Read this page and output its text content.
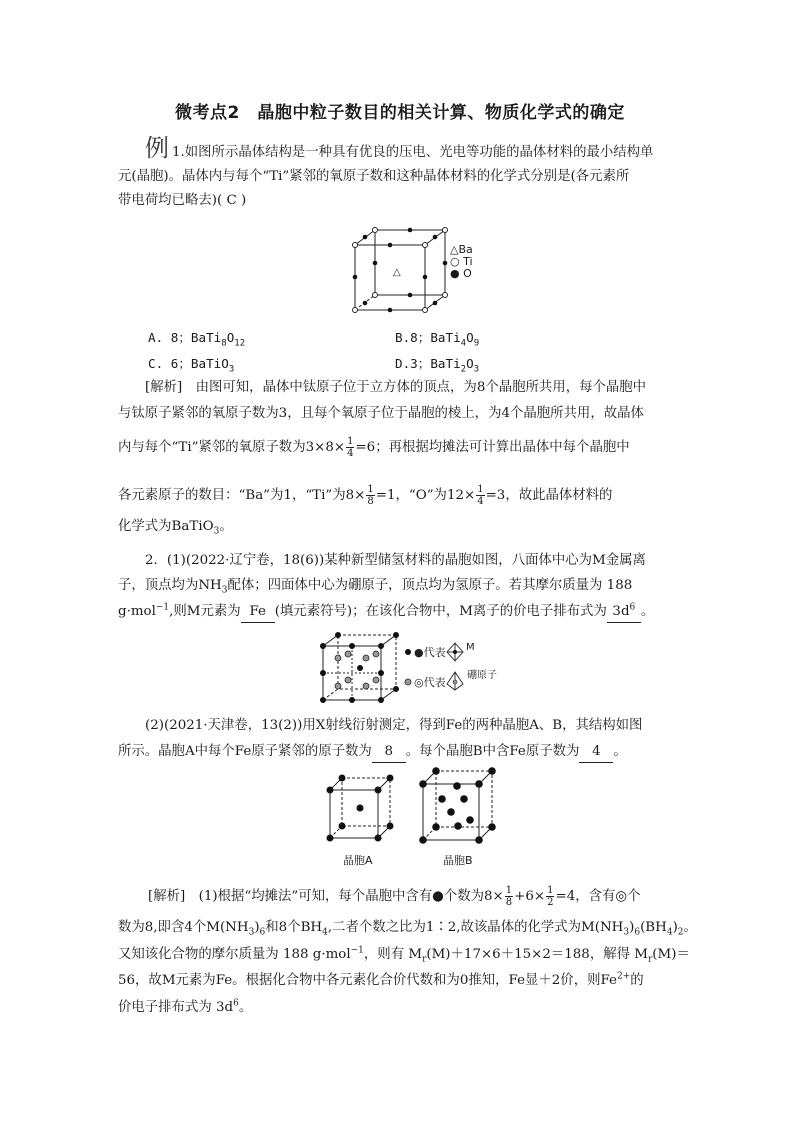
微考点2　晶胞中粒子数目的相关计算、物质化学式的确定
例 1.如图所示晶体结构是一种具有优良的压电、光电等功能的晶体材料的最小结构单
元(晶胞)。晶体内与每个“Ti”紧邻的氧原子数和这种晶体材料的化学式分别是(各元素所
带电荷均已略去)( C )
△
△Ba
○ Ti
● O
A. 8；$BaTi_8O_{12}$	B.8；$BaTi_4O_9$
C. 6；BaTiO$_3$	D.3；$BaTi_2O_3$
[解析]　 由图可知，晶体中钛原子位于立方体的顶点，为8个晶胞所共用，每个晶胞中
与钛原子紧邻的氧原子数为3，且每个氧原子位于晶胞的棱上，为4个晶胞所共用，故晶体
内与每个“Ti”紧邻的氧原子数为$3\times 8\times \frac{1}{4} =6$；再根据均摊法可计算出晶体中每个晶胞中
各元素原子的数目：“Ba”为1，“Ti”为$8\times \frac{1}{8} =1$，“O”为$12\times \frac{1}{4} =3$，故此晶体材料的
化学式为BaTiO$_3$。
2．(1)(2022·辽宁卷，18(6))某种新型储氢材料的晶胞如图，八面体中心为M金属离
子，顶点均为$NH_3$配体；四面体中心为硼原子，顶点均为氢原子。若其摩尔质量为 188
g·mol$^{-1}$,则M元素为 Fe (填元素符号)；在该化合物中，M离子的价电子排布式为 $3d^6$ 。
●代表 M
◎代表
硼原子
(2)(2021·天津卷，13(2))用X射线衍射测定，得到Fe的两种晶胞A、B，其结构如图
所示。晶胞A中每个Fe原子紧邻的原子数为 8 。每个晶胞B中含Fe原子数为 4 。
晶胞A	晶胞B
[解析]　 (1)根据“均摊法”可知，每个晶胞中含有●个数为$8\times \frac{1}{8} +6\times \frac{1}{2} =4$，含有◎个
数为8,即含4个$M(NH_3)_6$和8个$BH_4$,二者个数之比为1∶2,故该晶体的化学式为$M(NH_3)_6(BH_4)_2$。
又知该化合物的摩尔质量为 188 g·mol$^{-1}$，则有 $M_r(M)+17\times 6+15\times 2=188$，解得 $M_r(M)=$
56，故M元素为Fe。根据化合物中各元素化合价代数和为0推知，Fe显＋2价，则$Fe^{2+}$的
价电子排布式为 $3d^6$。
